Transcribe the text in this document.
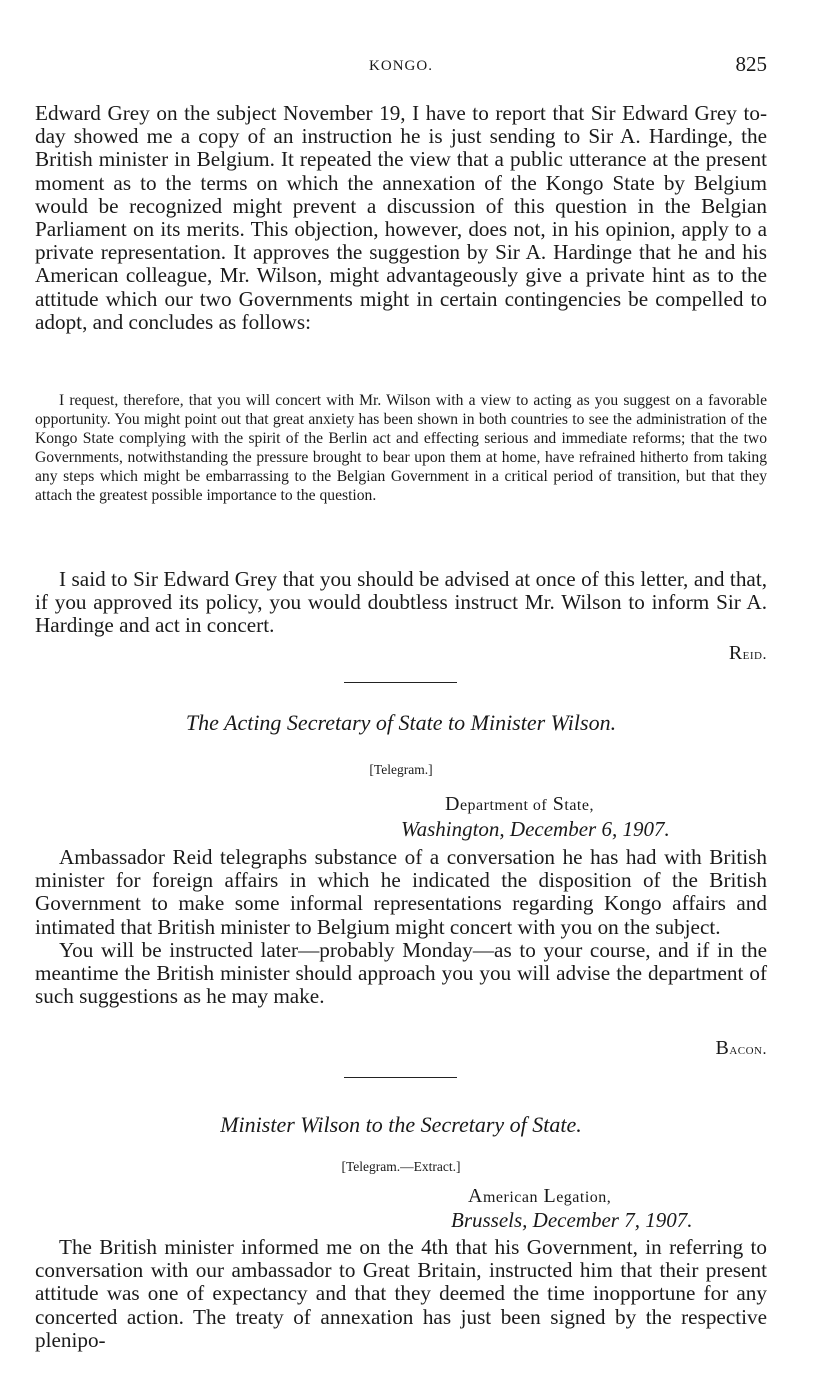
KONGO.	825

Edward Grey on the subject November 19, I have to report that Sir Edward Grey to-day showed me a copy of an instruction he is just sending to Sir A. Hardinge, the British minister in Belgium. It repeated the view that a public utterance at the present moment as to the terms on which the annexation of the Kongo State by Belgium would be recognized might prevent a discussion of this question in the Belgian Parliament on its merits. This objection, however, does not, in his opinion, apply to a private representation. It approves the suggestion by Sir A. Hardinge that he and his American colleague, Mr. Wilson, might advantageously give a private hint as to the attitude which our two Governments might in certain contingencies be compelled to adopt, and concludes as follows:

I request, therefore, that you will concert with Mr. Wilson with a view to acting as you suggest on a favorable opportunity. You might point out that great anxiety has been shown in both countries to see the administration of the Kongo State complying with the spirit of the Berlin act and effecting serious and immediate reforms; that the two Governments, notwithstanding the pressure brought to bear upon them at home, have refrained hitherto from taking any steps which might be embarrassing to the Belgian Government in a critical period of transition, but that they attach the greatest possible importance to the question.

I said to Sir Edward Grey that you should be advised at once of this letter, and that, if you approved its policy, you would doubtless instruct Mr. Wilson to inform Sir A. Hardinge and act in concert.

Reid.
The Acting Secretary of State to Minister Wilson.
[Telegram.]
Department of State,
Washington, December 6, 1907.

Ambassador Reid telegraphs substance of a conversation he has had with British minister for foreign affairs in which he indicated the disposition of the British Government to make some informal representations regarding Kongo affairs and intimated that British minister to Belgium might concert with you on the subject.

You will be instructed later—probably Monday—as to your course, and if in the meantime the British minister should approach you you will advise the department of such suggestions as he may make.

Bacon.
Minister Wilson to the Secretary of State.
[Telegram.—Extract.]
American Legation,
Brussels, December 7, 1907.

The British minister informed me on the 4th that his Government, in referring to conversation with our ambassador to Great Britain, instructed him that their present attitude was one of expectancy and that they deemed the time inopportune for any concerted action. The treaty of annexation has just been signed by the respective plenipo-
